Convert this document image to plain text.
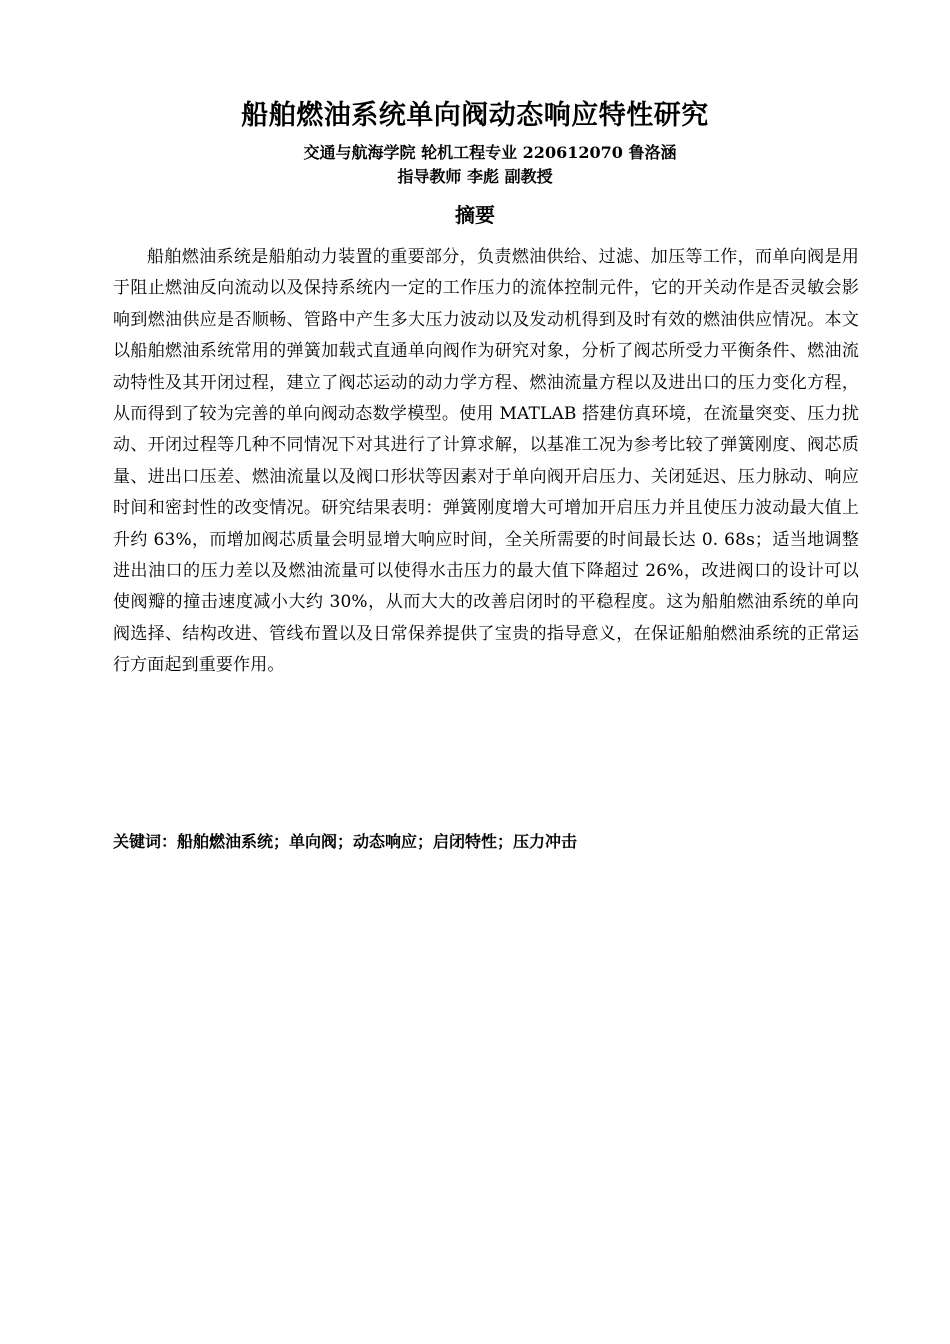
船舶燃油系统单向阀动态响应特性研究

交通与航海学院 轮机工程专业 220612070 鲁洛涵

指导教师 李彪 副教授

摘要

船舶燃油系统是船舶动力装置的重要部分，负责燃油供给、过滤、加压等工作，而单向阀是用于阻止燃油反向流动以及保持系统内一定的工作压力的流体控制元件，它的开关动作是否灵敏会影响到燃油供应是否顺畅、管路中产生多大压力波动以及发动机得到及时有效的燃油供应情况。本文以船舶燃油系统常用的弹簧加载式直通单向阀作为研究对象，分析了阀芯所受力平衡条件、燃油流动特性及其开闭过程，建立了阀芯运动的动力学方程、燃油流量方程以及进出口的压力变化方程，从而得到了较为完善的单向阀动态数学模型。使用 MATLAB 搭建仿真环境，在流量突变、压力扰动、开闭过程等几种不同情况下对其进行了计算求解，以基准工况为参考比较了弹簧刚度、阀芯质量、进出口压差、燃油流量以及阀口形状等因素对于单向阀开启压力、关闭延迟、压力脉动、响应时间和密封性的改变情况。研究结果表明：弹簧刚度增大可增加开启压力并且使压力波动最大值上升约 63%，而增加阀芯质量会明显增大响应时间，全关所需要的时间最长达 0. 68s；适当地调整进出油口的压力差以及燃油流量可以使得水击压力的最大值下降超过 26%，改进阀口的设计可以使阀瓣的撞击速度减小大约 30%，从而大大的改善启闭时的平稳程度。这为船舶燃油系统的单向阀选择、结构改进、管线布置以及日常保养提供了宝贵的指导意义，在保证船舶燃油系统的正常运行方面起到重要作用。

关键词：船舶燃油系统；单向阀；动态响应；启闭特性；压力冲击
